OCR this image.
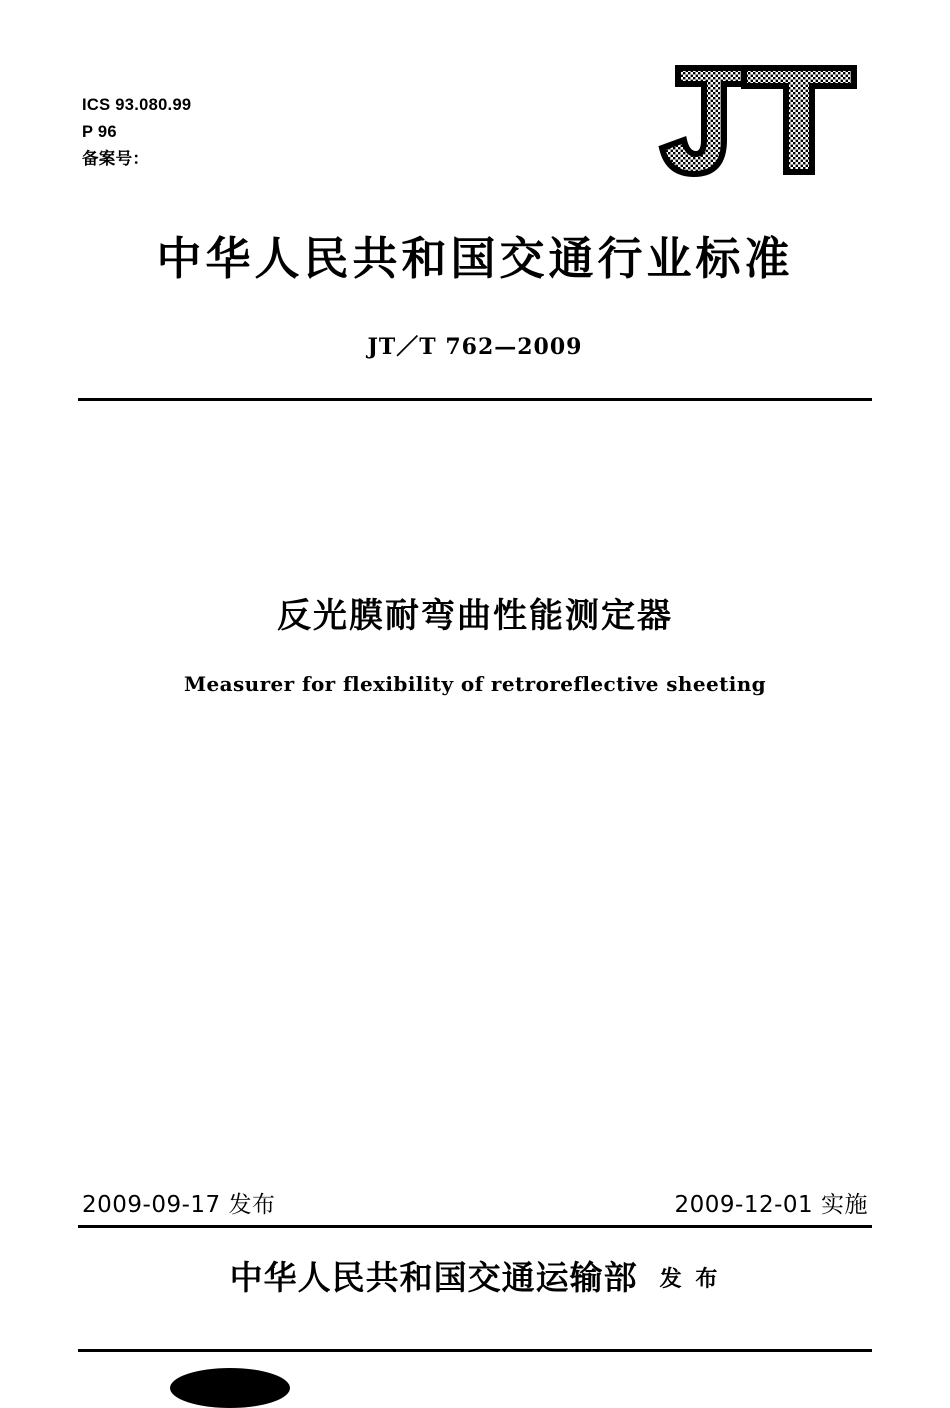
ICS 93.080.99
P 96
备案号：
中华人民共和国交通行业标准
JT／T 762—2009
反光膜耐弯曲性能测定器
Measurer for flexibility of retroreflective sheeting
2009-09-17 发布	2009-12-01 实施
中华人民共和国交通运输部 发 布
